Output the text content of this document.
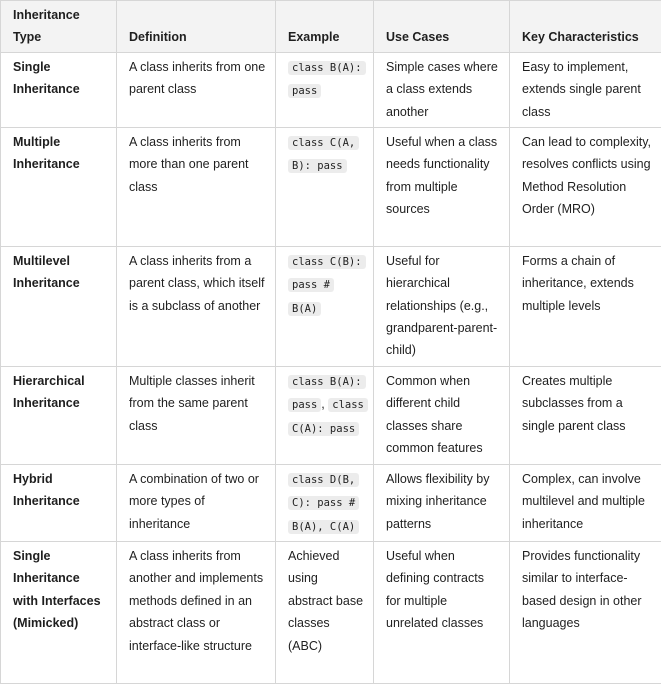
Inheritance Type	Definition	Example	Use Cases	Key Characteristics
Single Inheritance	A class inherits from one parent class	class B(A): pass	Simple cases where a class extends another	Easy to implement, extends single parent class
Multiple Inheritance	A class inherits from more than one parent class	class C(A, B): pass	Useful when a class needs functionality from multiple sources	Can lead to complexity, resolves conflicts using Method Resolution Order (MRO)
Multilevel Inheritance	A class inherits from a parent class, which itself is a subclass of another	class C(B): pass # B(A)	Useful for hierarchical relationships (e.g., grandparent-parent-child)	Forms a chain of inheritance, extends multiple levels
Hierarchical Inheritance	Multiple classes inherit from the same parent class	class B(A): pass , class C(A): pass	Common when different child classes share common features	Creates multiple subclasses from a single parent class
Hybrid Inheritance	A combination of two or more types of inheritance	class D(B, C): pass # B(A), C(A)	Allows flexibility by mixing inheritance patterns	Complex, can involve multilevel and multiple inheritance
Single Inheritance with Interfaces (Mimicked)	A class inherits from another and implements methods defined in an abstract class or interface-like structure	Achieved using abstract base classes (ABC)	Useful when defining contracts for multiple unrelated classes	Provides functionality similar to interface-based design in other languages
